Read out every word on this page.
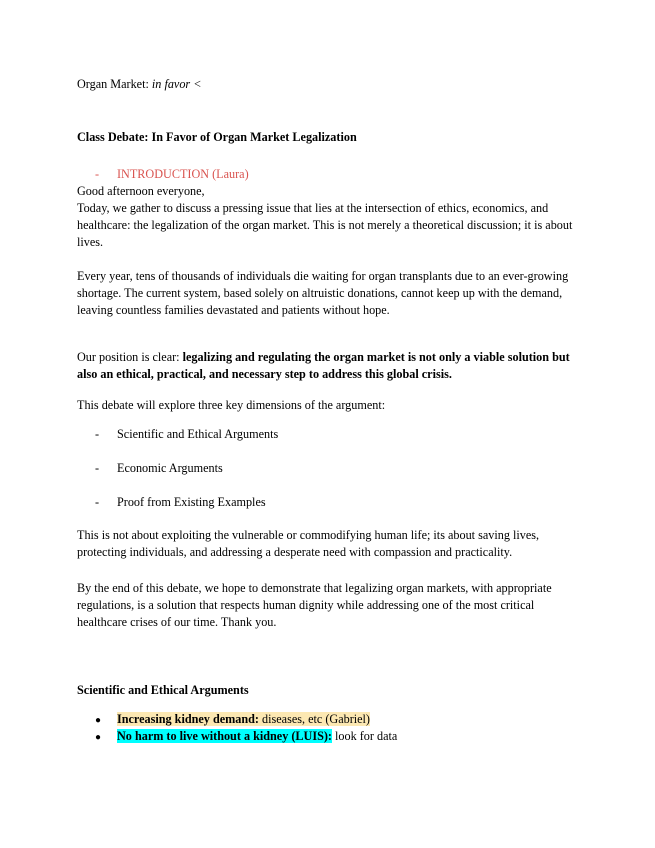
Organ Market: in favor <

Class Debate: In Favor of Organ Market Legalization

- INTRODUCTION (Laura)
Good afternoon everyone,
Today, we gather to discuss a pressing issue that lies at the intersection of ethics, economics, and healthcare: the legalization of the organ market. This is not merely a theoretical discussion; it is about lives.

Every year, tens of thousands of individuals die waiting for organ transplants due to an ever-growing shortage. The current system, based solely on altruistic donations, cannot keep up with the demand, leaving countless families devastated and patients without hope.

Our position is clear: legalizing and regulating the organ market is not only a viable solution but also an ethical, practical, and necessary step to address this global crisis.

This debate will explore three key dimensions of the argument:

- Scientific and Ethical Arguments
- Economic Arguments
- Proof from Existing Examples

This is not about exploiting the vulnerable or commodifying human life; its about saving lives, protecting individuals, and addressing a desperate need with compassion and practicality.

By the end of this debate, we hope to demonstrate that legalizing organ markets, with appropriate regulations, is a solution that respects human dignity while addressing one of the most critical healthcare crises of our time. Thank you.

Scientific and Ethical Arguments

● Increasing kidney demand: diseases, etc (Gabriel)
● No harm to live without a kidney (LUIS): look for data
